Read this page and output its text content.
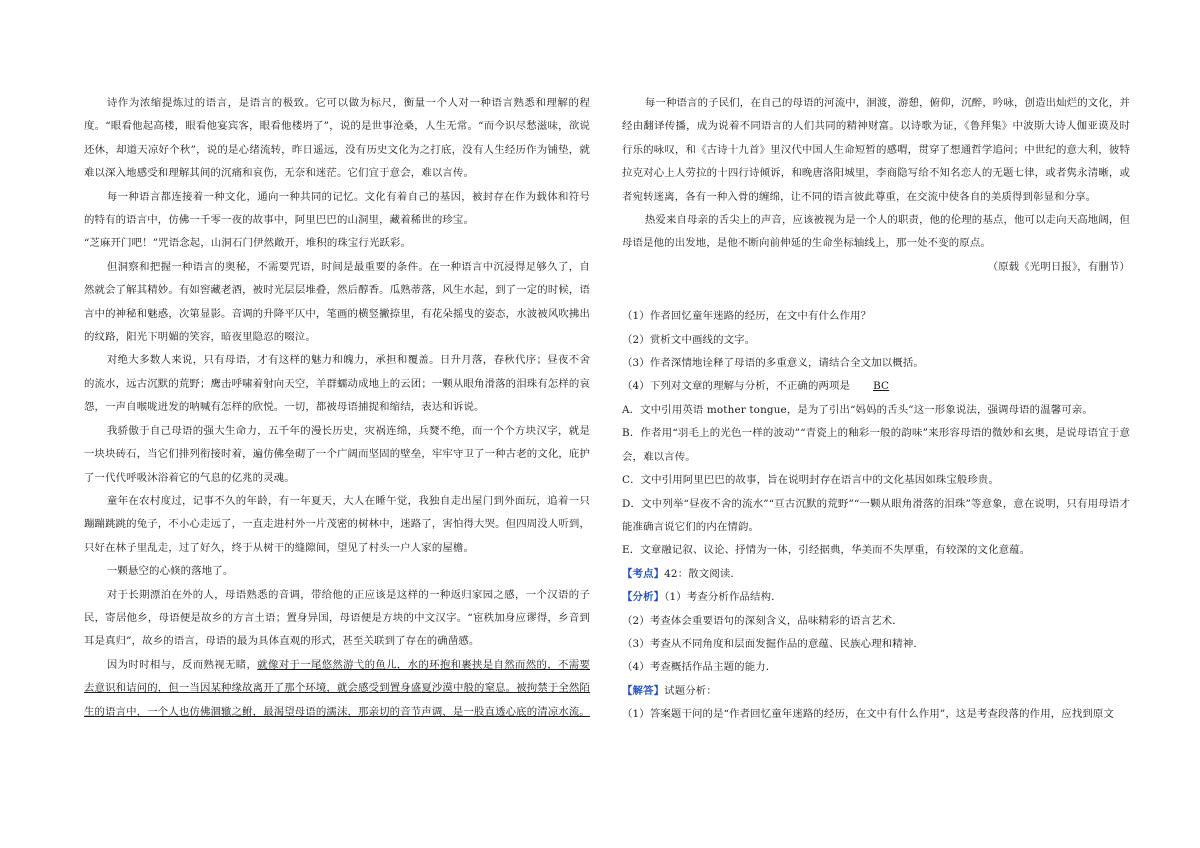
诗作为浓缩提炼过的语言，是语言的极致。它可以做为标尺，衡量一个人对一种语言熟悉和理解的程度。“眼看他起高楼，眼看他宴宾客，眼看他楼坍了”，说的是世事沧桑，人生无常。“而今识尽愁滋味，欲说还休，却道天凉好个秋”，说的是心绪流转，昨日遥远，没有历史文化为之打底，没有人生经历作为铺垫，就难以深入地感受和理解其间的沉痛和哀伤，无奈和迷茫。它们宜于意会，难以言传。

每一种语言都连接着一种文化，通向一种共同的记忆。文化有着自己的基因，被封存在作为载体和符号的特有的语言中，仿佛一千零一夜的故事中，阿里巴巴的山洞里，藏着稀世的珍宝。

“芝麻开门吧！”咒语念起，山洞石门伊然敞开，堆积的珠宝行光跃彩。

但洞察和把握一种语言的奥秘，不需要咒语，时间是最重要的条件。在一种语言中沉浸得足够久了，自然就会了解其精妙。有如窖藏老酒，被时光层层堆叠，然后醇香。瓜熟蒂落，风生水起，到了一定的时候，语言中的神秘和魅惑，次第显影。音调的升降平仄中，笔画的横竖撇捺里，有花朵摇曳的姿态，水波被风吹拂出的纹路，阳光下明媚的笑容，暗夜里隐忍的啜泣。

对绝大多数人来说，只有母语，才有这样的魅力和魄力，承担和覆盖。日升月落，春秋代序；昼夜不舍的流水，远古沉默的荒野；鹰击呼啸着射向天空，羊群蠕动成地上的云团；一颗从眼角滑落的泪珠有怎样的哀怨，一声自喉咙迸发的呐喊有怎样的欣悦。一切，都被母语捕捉和缩结，表达和诉说。

我骄傲于自己母语的强大生命力，五千年的漫长历史，灾祸连绵，兵燹不绝，而一个个方块汉字，就是一块块砖石，当它们排列衔接时着，遍仿佛垒砌了一个广阔而坚固的壁垒，牢牢守卫了一种古老的文化，庇护了一代代呼吸沐浴着它的气息的亿兆的灵魂。

童年在农村度过，记事不久的年龄，有一年夏天，大人在睡午觉，我独自走出屋门到外面玩，追着一只蹦蹦跳跳的兔子，不小心走远了，一直走进村外一片茂密的树林中，迷路了，害怕得大哭。但四周没人听到，只好在林子里乱走，过了好久，终于从树干的缝隙间，望见了村头一户人家的屋檐。

一颗悬空的心倏的落地了。

对于长期漂泊在外的人，母语熟悉的音调，带给他的正应该是这样的一种返归家园之感，一个汉语的子民，寄居他乡，母语便是故乡的方言土语；置身异国，母语便是方块的中文汉字。“宦秩加身应谬得，乡音到耳是真归”，故乡的语言，母语的最为具体直观的形式，甚至关联到了存在的确凿感。

因为时时相与，反而熟视无睹，就像对于一尾悠然游弋的鱼儿，水的环抱和裹挟是自然而然的，不需要去意识和诘问的，但一当因某种缘故离开了那个环境，就会感受到置身盛夏沙漠中般的窒息。被拘禁于全然陌生的语言中，一个人也仿佛涸辙之鲋，最渴望母语的濡沫，那亲切的音节声调，是一股直透心底的清凉水流。

每一种语言的子民们，在自己的母语的河流中，洄渡，游憩，俯仰，沉醉，吟咏，创造出灿烂的文化，并经由翻译传播，成为说着不同语言的人们共同的精神财富。以诗歌为证，《鲁拜集》中波斯大诗人伽亚谟及时行乐的咏叹，和《古诗十九首》里汉代中国人生命短暂的感喟，贯穿了想通哲学追问；中世纪的意大利，彼特拉克对心上人劳拉的十四行诗倾诉，和晚唐洛阳城里，李商隐写给不知名恋人的无题七律，或者隽永清晰，或者宛转迷离，各有一种入骨的缠绵，让不同的语言彼此尊重，在交流中使各自的美质得到彰显和分享。

热爱来自母亲的舌尖上的声音，应该被视为是一个人的职责，他的伦理的基点，他可以走向天高地阔，但母语是他的出发地，是他不断向前伸延的生命坐标轴线上，那一处不变的原点。

（原载《光明日报》，有删节）

（1）作者回忆童年迷路的经历，在文中有什么作用？

（2）赏析文中画线的文字。

（3）作者深情地诠释了母语的多重意义，请结合全文加以概括。

（4）下列对文章的理解与分析，不正确的两项是 BC

A．文中引用英语 mother tongue，是为了引出“妈妈的舌头”这一形象说法，强调母语的温馨可亲。

B．作者用“羽毛上的光色一样的波动”“青瓷上的釉彩一般的韵味”来形容母语的微妙和玄奥，是说母语宜于意会，难以言传。

C．文中引用阿里巴巴的故事，旨在说明封存在语言中的文化基因如珠宝般珍贵。

D．文中列举“昼夜不舍的流水”“亘古沉默的荒野”“一颗从眼角滑落的泪珠”等意象，意在说明，只有用母语才能准确言说它们的内在情韵。

E．文章融记叙、议论、抒情为一体，引经据典，华美而不失厚重，有较深的文化意蕴。

【考点】42：散文阅读．

【分析】（1）考查分析作品结构．

（2）考查体会重要语句的深刻含义，品味精彩的语言艺术．

（3）考查从不同角度和层面发掘作品的意蕴、民族心理和精神．

（4）考查概括作品主题的能力．

【解答】试题分析：

（1）答案题干问的是“作者回忆童年迷路的经历，在文中有什么作用”，这是考查段落的作用，应找到原文
